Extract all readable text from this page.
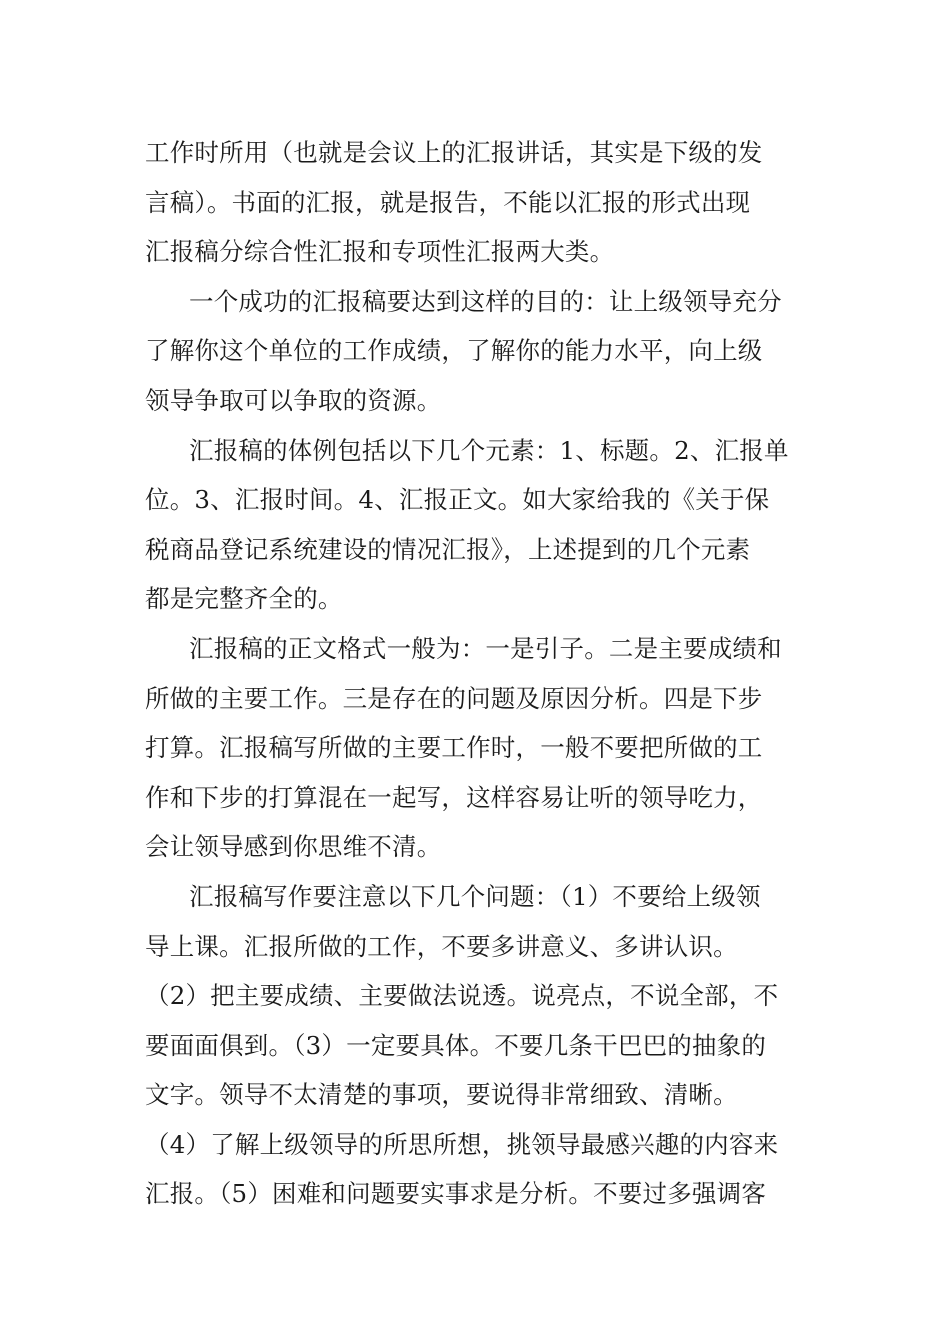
工作时所用（也就是会议上的汇报讲话，其实是下级的发
言稿）。书面的汇报，就是报告，不能以汇报的形式出现
汇报稿分综合性汇报和专项性汇报两大类。
一个成功的汇报稿要达到这样的目的：让上级领导充分
了解你这个单位的工作成绩，了解你的能力水平，向上级
领导争取可以争取的资源。
汇报稿的体例包括以下几个元素：1、标题。2、汇报单
位。3、汇报时间。4、汇报正文。如大家给我的《关于保
税商品登记系统建设的情况汇报》，上述提到的几个元素
都是完整齐全的。
汇报稿的正文格式一般为：一是引子。二是主要成绩和
所做的主要工作。三是存在的问题及原因分析。四是下步
打算。汇报稿写所做的主要工作时，一般不要把所做的工
作和下步的打算混在一起写，这样容易让听的领导吃力，
会让领导感到你思维不清。
汇报稿写作要注意以下几个问题：（1）不要给上级领
导上课。汇报所做的工作，不要多讲意义、多讲认识。
（2）把主要成绩、主要做法说透。说亮点，不说全部，不
要面面俱到。（3）一定要具体。不要几条干巴巴的抽象的
文字。领导不太清楚的事项，要说得非常细致、清晰。
（4）了解上级领导的所思所想，挑领导最感兴趣的内容来
汇报。（5）困难和问题要实事求是分析。不要过多强调客
